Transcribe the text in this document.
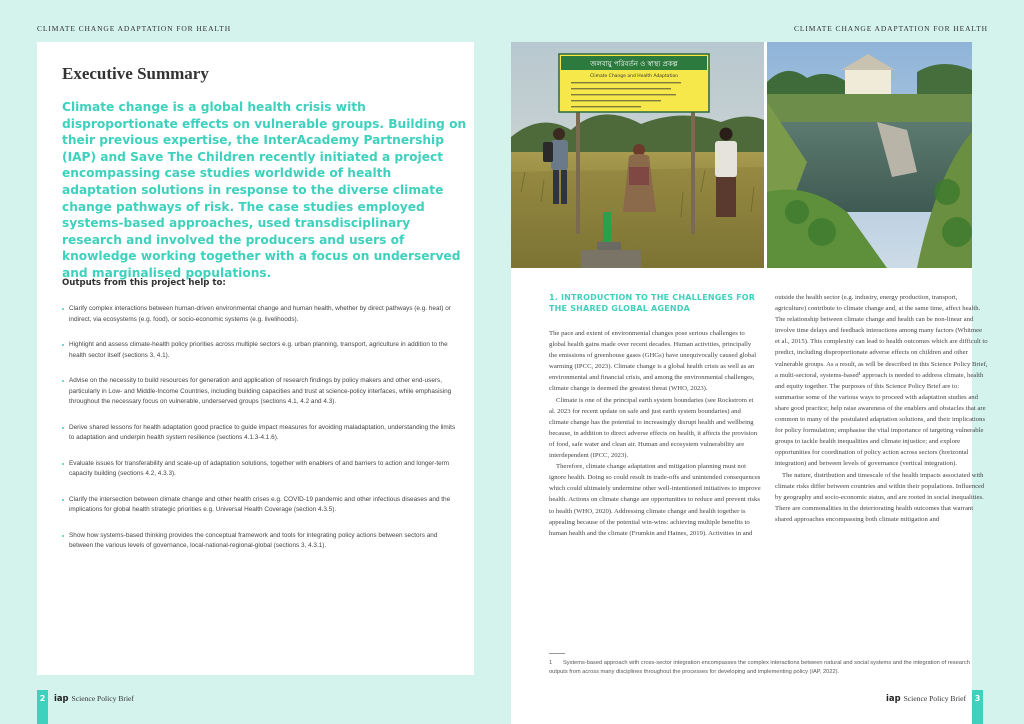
CLIMATE CHANGE ADAPTATION FOR HEALTH	CLIMATE CHANGE ADAPTATION FOR HEALTH
Executive Summary

Climate change is a global health crisis with disproportionate effects on vulnerable groups. Building on their previous expertise, the InterAcademy Partnership (IAP) and Save The Children recently initiated a project encompassing case studies worldwide of health adaptation solutions in response to the diverse climate change pathways of risk. The case studies employed systems-based approaches, used transdisciplinary research and involved the producers and users of knowledge working together with a focus on underserved and marginalised populations.

Outputs from this project help to:
Clarify complex interactions between human-driven environmental change and human health, whether by direct pathways (e.g. heat) or indirect, via ecosystems (e.g. food), or socio-economic systems (e.g. livelihoods).
Highlight and assess climate-health policy priorities across multiple sectors e.g. urban planning, transport, agriculture in addition to the health sector itself (sections 3, 4.1).
Advise on the necessity to build resources for generation and application of research findings by policy makers and other end-users, particularly in Low- and Middle-Income Countries, including building capacities and trust at science-policy interfaces, while emphasising throughout the necessary focus on vulnerable, underserved groups (sections 4.1, 4.2 and 4.3).
Derive shared lessons for health adaptation good practice to guide impact measures for avoiding maladaptation, understanding the limits to adaptation and underpin health system resilience (sections 4.1.3-4.1.6).
Evaluate issues for transferability and scale-up of adaptation solutions, together with enablers of and barriers to action and longer-term capacity building (sections 4.2, 4.3.3).
Clarify the intersection between climate change and other health crises e.g. COVID-19 pandemic and other infectious diseases and the implications for global health strategic priorities e.g. Universal Health Coverage (section 4.3.5).
Show how systems-based thinking provides the conceptual framework and tools for integrating policy actions between sectors and between the various levels of governance, local-national-regional-global (sections 3, 4.3.1).
জলবায়ু পরিবর্তন ও স্বাস্থ্য প্রকল্প
Climate Change and Health Adaptation
1. INTRODUCTION TO THE CHALLENGES FOR THE SHARED GLOBAL AGENDA

The pace and extent of environmental changes pose serious challenges to global health gains made over recent decades. Human activities, principally the emissions of greenhouse gases (GHGs) have unequivocally caused global warming (IPCC, 2023). Climate change is a global health crisis as well as an environmental and financial crisis, and among the environmental challenges, climate change is deemed the greatest threat (WHO, 2023).

Climate is one of the principal earth system boundaries (see Rockstrom et al. 2023 for recent update on safe and just earth system boundaries) and climate change has the potential to increasingly disrupt health and wellbeing because, in addition to direct adverse effects on health, it affects the provision of food, safe water and clean air. Human and ecosystem vulnerability are interdependent (IPCC, 2023).

Therefore, climate change adaptation and mitigation planning must not ignore health. Doing so could result in trade-offs and unintended consequences which could ultimately undermine other well-intentioned initiatives to improve health. Actions on climate change are opportunities to reduce and prevent risks to health (WHO, 2020). Addressing climate change and health together is appealing because of the potential win-wins: achieving multiple benefits to human health and the climate (Frumkin and Haines, 2019). Activities in and

outside the health sector (e.g. industry, energy production, transport, agriculture) contribute to climate change and, at the same time, affect health. The relationship between climate change and health can be non-linear and involve time delays and feedback interactions among many factors (Whitmee et al., 2015). This complexity can lead to health outcomes which are difficult to predict, including disproportionate adverse effects on children and other vulnerable groups. As a result, as will be described in this Science Policy Brief, a multi-sectoral, systems-based¹ approach is needed to address climate, health and equity together. The purposes of this Science Policy Brief are to: summarise some of the various ways to proceed with adaptation studies and share good practice; help raise awareness of the enablers and obstacles that are common to many of the postulated adaptation solutions, and their implications for policy formulation; emphasise the vital importance of targeting vulnerable groups to tackle health inequalities and climate injustice; and explore opportunities for coordination of policy action across sectors (horizontal integration) and between levels of governance (vertical integration).

The nature, distribution and timescale of the health impacts associated with climate risks differ between countries and within their populations. Influenced by geography and socio-economic status, and are rooted in social inequalities. There are commonalities in the deteriorating health outcomes that warrant shared approaches encompassing both climate mitigation and

1 Systems-based approach with cross-sector integration encompasses the complex interactions between natural and social systems and the integration of research outputs from across many disciplines throughout the processes for developing and implementing policy (IAP, 2022).
2	iap Science Policy Brief	iap Science Policy Brief	3
